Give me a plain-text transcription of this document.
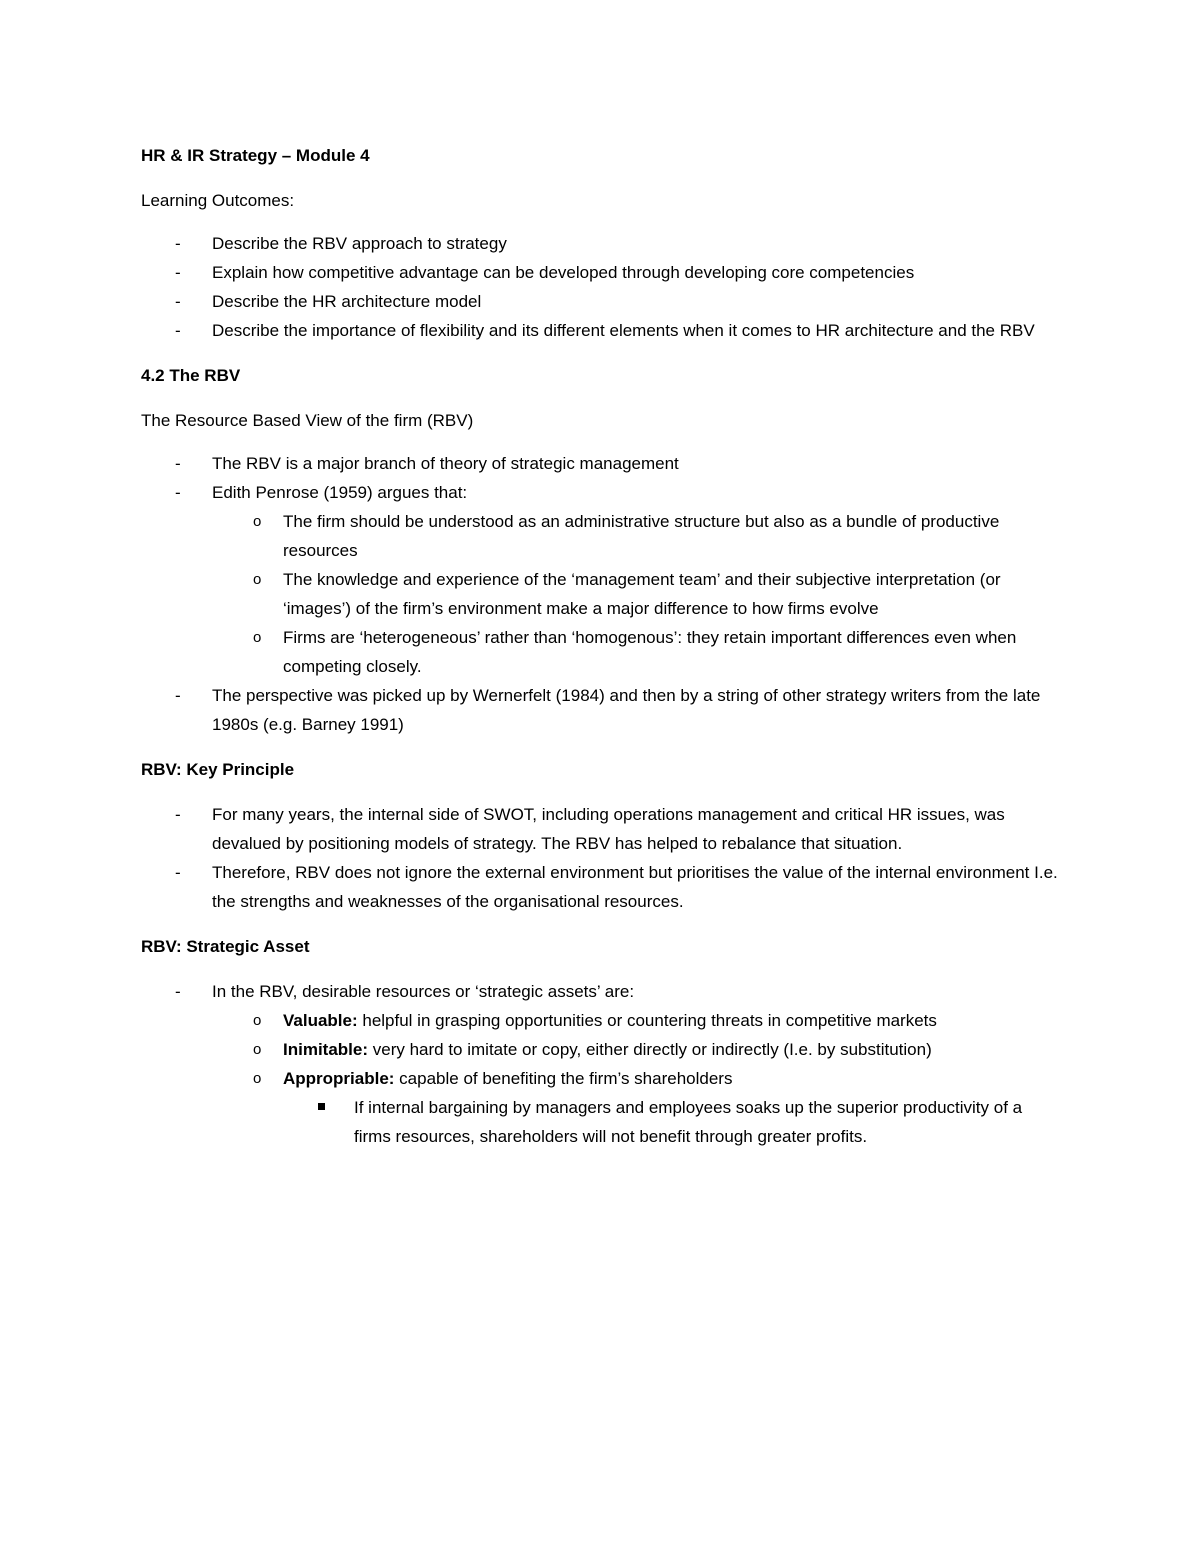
HR & IR Strategy – Module 4

Learning Outcomes:

- Describe the RBV approach to strategy
- Explain how competitive advantage can be developed through developing core competencies
- Describe the HR architecture model
- Describe the importance of flexibility and its different elements when it comes to HR architecture and the RBV

4.2 The RBV

The Resource Based View of the firm (RBV)

- The RBV is a major branch of theory of strategic management
- Edith Penrose (1959) argues that:
o The firm should be understood as an administrative structure but also as a bundle of productive resources
o The knowledge and experience of the ‘management team’ and their subjective interpretation (or ‘images’) of the firm’s environment make a major difference to how firms evolve
o Firms are ‘heterogeneous’ rather than ‘homogenous’: they retain important differences even when competing closely.
- The perspective was picked up by Wernerfelt (1984) and then by a string of other strategy writers from the late 1980s (e.g. Barney 1991)

RBV: Key Principle

- For many years, the internal side of SWOT, including operations management and critical HR issues, was devalued by positioning models of strategy. The RBV has helped to rebalance that situation.
- Therefore, RBV does not ignore the external environment but prioritises the value of the internal environment I.e. the strengths and weaknesses of the organisational resources.

RBV: Strategic Asset

- In the RBV, desirable resources or ‘strategic assets’ are:
o Valuable: helpful in grasping opportunities or countering threats in competitive markets
o Inimitable: very hard to imitate or copy, either directly or indirectly (I.e. by substitution)
o Appropriable: capable of benefiting the firm’s shareholders
If internal bargaining by managers and employees soaks up the superior productivity of a firms resources, shareholders will not benefit through greater profits.
